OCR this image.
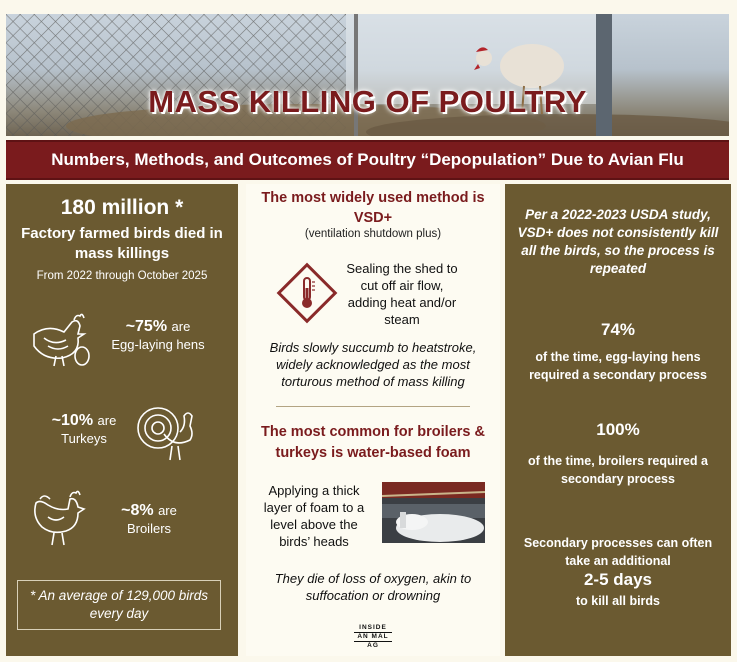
MASS KILLING OF POULTRY
Numbers, Methods, and Outcomes of Poultry “Depopulation” Due to Avian Flu
180 million *
Factory farmed birds died in mass killings
From 2022 through October 2025
~75% are
Egg-laying hens
~10% are
Turkeys
~8% are
Broilers
* An average of 129,000 birds every day
The most widely used method is VSD+
(ventilation shutdown plus)
Sealing the shed to cut off air flow, adding heat and/or steam
Birds slowly succumb to heatstroke, widely acknowledged as the most torturous method of mass killing
The most common for broilers & turkeys is water-based foam
Applying a thick layer of foam to a level above the birds’ heads
They die of loss of oxygen, akin to suffocation or drowning
INSIDE
AN MAL
AG
Per a 2022-2023 USDA study, VSD+ does not consistently kill all the birds, so the process is repeated
74%
of the time, egg-laying hens required a secondary process
100%
of the time, broilers required a secondary process
Secondary processes can often take an additional
2-5 days
to kill all birds
